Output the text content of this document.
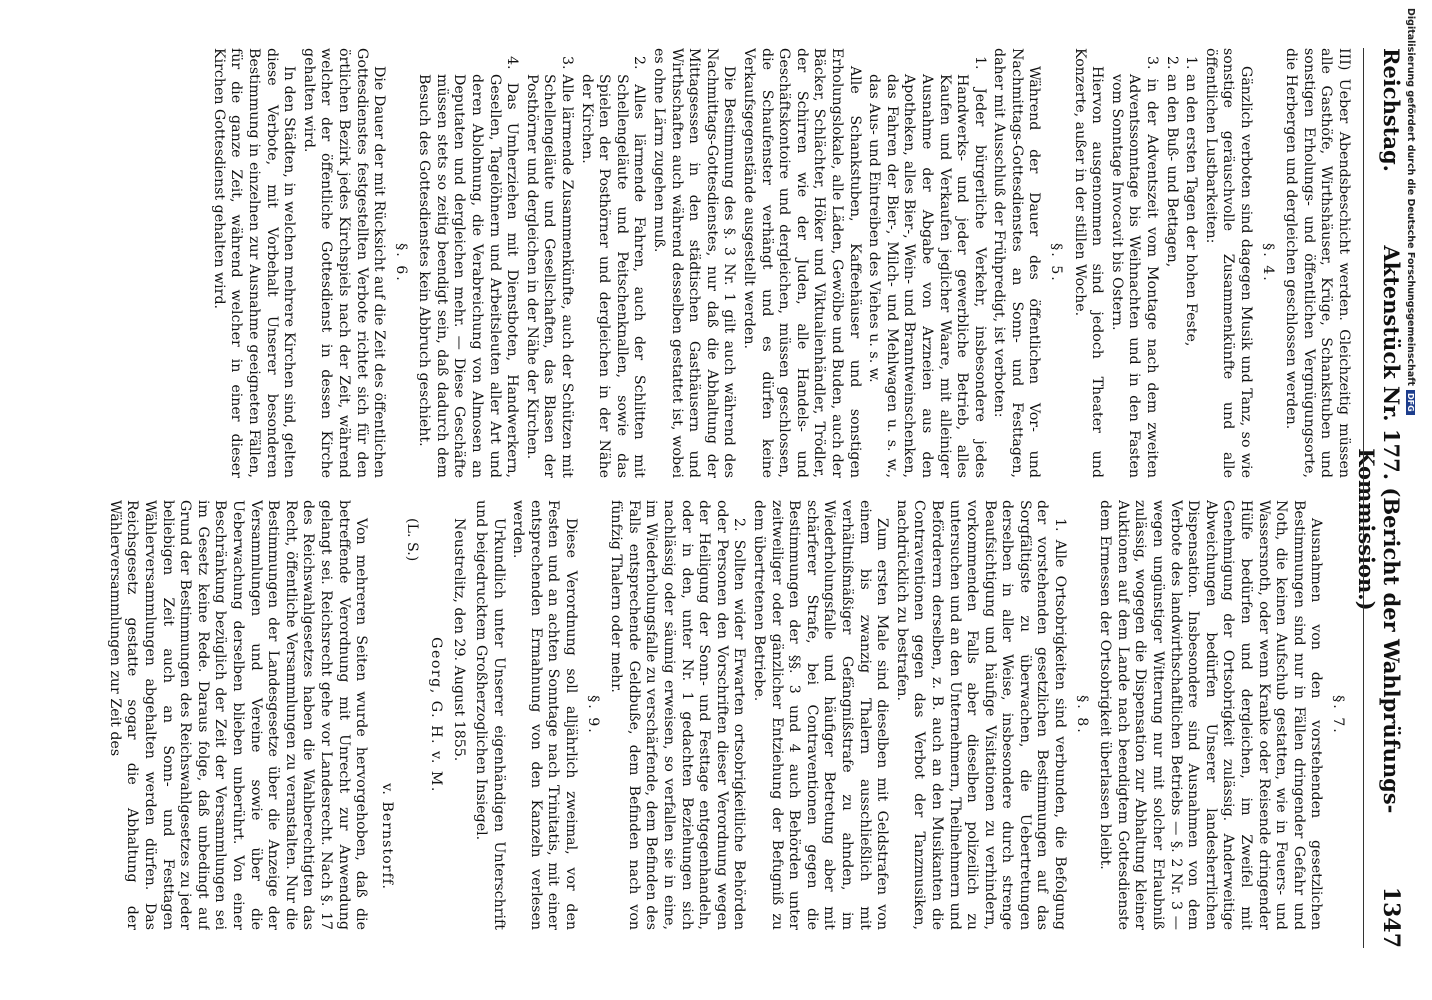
Reichstag.
Aktenstück Nr. 177. (Bericht der Wahlprüfungs-Kommission.)
1347

III) Ueber Abendsbeschicht werden. Gleichzeitig müssen alle Gasthöfe, Wirthshäuser, Krüge, Schankstuben und sonstigen Erholungs- und öffentlichen Vergnügungsorte, die Herbergen und dergleichen geschlossen werden.

§. 4.

Gänzlich verboten sind dagegen Musik und Tanz, so wie sonstige geräuschvolle Zusammenkünfte und alle öffentlichen Lustbarkeiten:

1. an den ersten Tagen der hohen Feste,

2. an den Buß- und Bettagen,

3. in der Adventszeit vom Montage nach dem zweiten Adventssonntage bis Weihnachten und in den Fasten vom Sonntage Invocavit bis Ostern.

Hiervon ausgenommen sind jedoch Theater und Konzerte, außer in der stillen Woche.

§. 5.

Während der Dauer des öffentlichen Vor- und Nachmittags-Gottesdienstes an Sonn- und Festtagen, daher mit Ausschluß der Frühpredigt, ist verboten:

1. Jeder bürgerliche Verkehr, insbesondere jedes Handwerks- und jeder gewerbliche Betrieb, alles Kaufen und Verkaufen jeglicher Waare, mit alleiniger Ausnahme der Abgabe von Arzneien aus den Apotheken, alles Bier-, Wein- und Branntweinschenken, das Fahren der Bier-, Milch- und Mehlwagen u. s. w., das Aus- und Eintreiben des Viehes u. s. w.

Alle Schankstuben, Kaffeehäuser und sonstigen Erholungslokale, alle Läden, Gewölbe und Buden, auch der Bäcker, Schlächter, Höker und Viktualienhändler, Trödler, der Schirren wie der Juden, alle Handels- und Geschäftskontoire und dergleichen, müssen geschlossen, die Schaufenster verhängt und es dürfen keine Verkaufsgegenstände ausgestellt werden.

Die Bestimmung des §. 3 Nr. 1 gilt auch während des Nachmittags-Gottesdienstes, nur daß die Abhaltung der Mittagsessen in den städtischen Gasthäusern und Wirthschaften auch während desselben gestattet ist, wobei es ohne Lärm zugehen muß.

2. Alles lärmende Fahren, auch der Schlitten mit Schellengeläute und Peitschenknallen, sowie das Spielen der Posthörner und dergleichen in der Nähe der Kirchen.

3. Alle lärmende Zusammenkünfte, auch der Schützen mit Schellengeläute und Gesellschaften, das Blasen der Posthörner und dergleichen in der Nähe der Kirchen.

4. Das Umherziehen mit Dienstboten, Handwerkern, Gesellen, Tagelöhnern und Arbeitsleuten aller Art und deren Ablohnung, die Verabreichung von Almosen an Deputaten und dergleichen mehr. — Diese Geschäfte müssen stets so zeitig beendigt sein, daß dadurch dem Besuch des Gottesdienstes kein Abbruch geschieht.

§. 6.

Die Dauer der mit Rücksicht auf die Zeit des öffentlichen Gottesdienstes festgestellten Verbote richtet sich für den örtlichen Bezirk jedes Kirchspiels nach der Zeit, während welcher der öffentliche Gottesdienst in dessen Kirche gehalten wird.

In den Städten, in welchen mehrere Kirchen sind, gelten diese Verbote, mit Vorbehalt Unserer besonderen Bestimmung in einzelnen zur Ausnahme geeigneten Fällen, für die ganze Zeit, während welcher in einer dieser Kirchen Gottesdienst gehalten wird.

§. 7.

Ausnahmen von den vorstehenden gesetzlichen Bestimmungen sind nur in Fällen dringender Gefahr und Noth, die keinen Aufschub gestatten, wie in Feuers- und Wassersnoth, oder wenn Kranke oder Reisende dringender Hülfe bedürfen und dergleichen, im Zweifel mit Genehmigung der Ortsobrigkeit zulässig. Anderweitige Abweichungen bedürfen Unserer landesherrlichen Dispensation. Insbesondere sind Ausnahmen von dem Verbote des landwirthschaftlichen Betriebs — §. 2 Nr. 3 — wegen ungünstiger Witterung nur mit solcher Erlaubniß zulässig, wogegen die Dispensation zur Abhaltung kleiner Auktionen auf dem Lande nach beendigtem Gottesdienste dem Ermessen der Ortsobrigkeit überlassen bleibt.

§. 8.

1. Alle Ortsobrigkeiten sind verbunden, die Befolgung der vorstehenden gesetzlichen Bestimmungen auf das Sorgfältigste zu überwachen, die Uebertretungen derselben in aller Weise, insbesondere durch strenge Beaufsichtigung und häufige Visitationen zu verhindern, vorkommenden Falls aber dieselben polizeilich zu untersuchen und an den Unternehmern, Theilnehmern und Beförderern derselben, z. B. auch an den Musikanten die Contraventionen gegen das Verbot der Tanzmusiken, nachdrücklich zu bestrafen.

Zum ersten Male sind dieselben mit Geldstrafen von einem bis zwanzig Thalern ausschließlich mit verhältnißmäßiger Gefängnißstrafe zu ahnden, im Wiederholungsfalle und häufiger Betretung aber mit schärferer Strafe, bei Contraventionen gegen die Bestimmungen der §§. 3 und 4 auch Behörden unter zeitweiliger oder gänzlicher Entziehung der Befugniß zu dem übertretenen Betriebe.

2. Sollten wider Erwarten ortsobrigkeitliche Behörden oder Personen den Vorschriften dieser Verordnung wegen der Heiligung der Sonn- und Festtage entgegenhandeln, oder in den, unter Nr. 1 gedachten Beziehungen sich nachlässig oder säumig erweisen, so verfallen sie in eine, im Wiederholungsfalle zu verschärfende, dem Befinden des Falls entsprechende Geldbuße, dem Befinden nach von fünfzig Thalern oder mehr.

§. 9.

Diese Verordnung soll alljährlich zweimal, vor den Festen und an achten Sonntage nach Trinitatis, mit einer entsprechenden Ermahnung von den Kanzeln verlesen werden.

Urkundlich unter Unserer eigenhändigen Unterschrift und beigedrucktem Großherzoglichen Insiegel.

Neustrelitz, den 29. August 1855.

Georg, G. H. v. M.

(L. S.)

v. Bernstorff.

Von mehreren Seiten wurde hervorgehoben, daß die betreffende Verordnung mit Unrecht zur Anwendung gelangt sei. Reichsrecht gehe vor Landesrecht. Nach §. 17 des Reichswahlgesetzes haben die Wahlberechtigten das Recht, öffentliche Versammlungen zu veranstalten. Nur die Bestimmungen der Landesgesetze über die Anzeige der Versammlungen und Vereine sowie über die Ueberwachung derselben blieben unberührt. Von einer Beschränkung bezüglich der Zeit der Versammlungen sei im Gesetz keine Rede. Daraus folge, daß unbedingt auf Grund der Bestimmungen des Reichswahlgesetzes zu jeder beliebigen Zeit auch an Sonn- und Festtagen Wählerversammlungen abgehalten werden dürfen. Das Reichsgesetz gestatte sogar die Abhaltung der Wählerversammlungen zur Zeit des

Digitalisierung gefördert durch die Deutsche ForschungsgemeinschaftDFG
